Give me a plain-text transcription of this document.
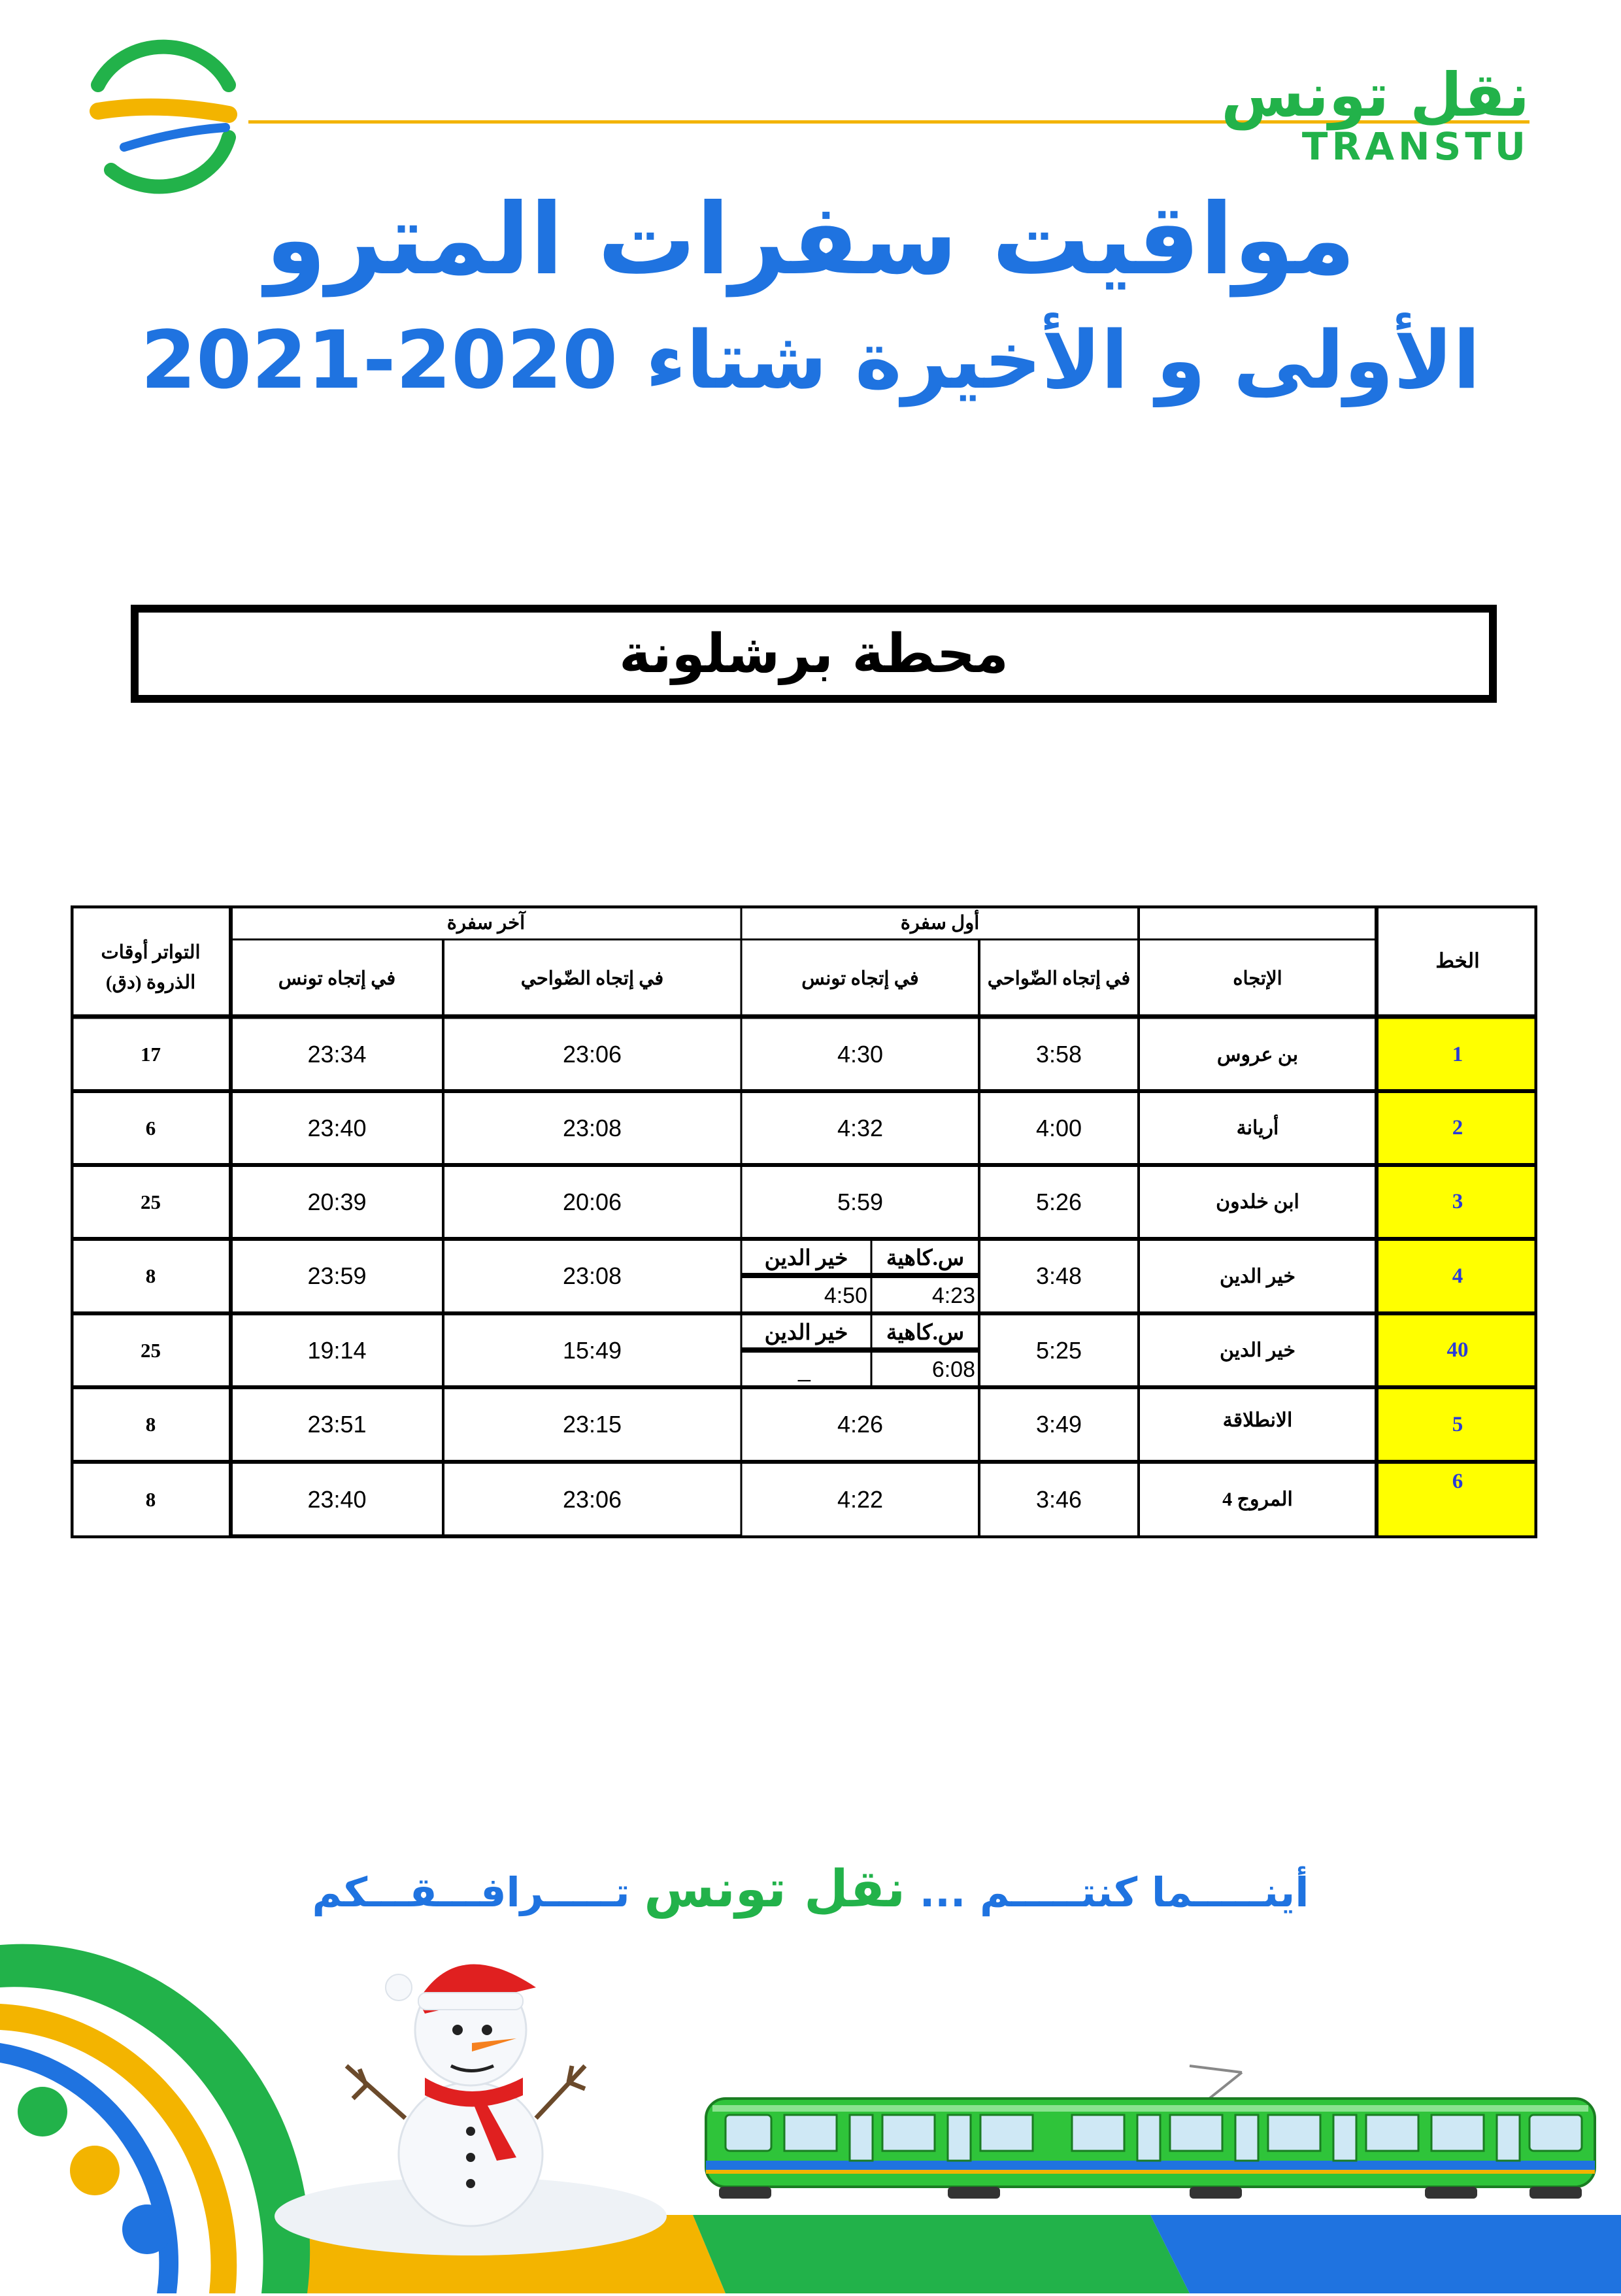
نقل تونس
TRANSTU
مواقيت سفرات المترو
الأولى و الأخيرة شتاء 2020-2021
محطة برشلونة
الخط
الإتجاه
أول سفرة
آخر سفرة
في إتجاه الضّواحي
في إتجاه تونس
في إتجاه الضّواحي
في إتجاه تونس
التواتر أوقات
الذروة (دق)
1
بن عروس
3:58
4:30
23:06
23:34
17
2
أريانة
4:00
4:32
23:08
23:40
6
3
ابن خلدون
5:26
5:59
20:06
20:39
25
4
خير الدين
3:48
س.كاهية
خير الدين
4:23
4:50
23:08
23:59
8
40
خير الدين
5:25
س.كاهية
خير الدين
6:08
_
15:49
19:14
25
5
الانطلاقة
3:49
4:26
23:15
23:51
8
6
المروج 4
3:46
4:22
23:06
23:40
8
أينـــــما كنتـــــم ... نقل تونس تـــــرافـــقـــكم
